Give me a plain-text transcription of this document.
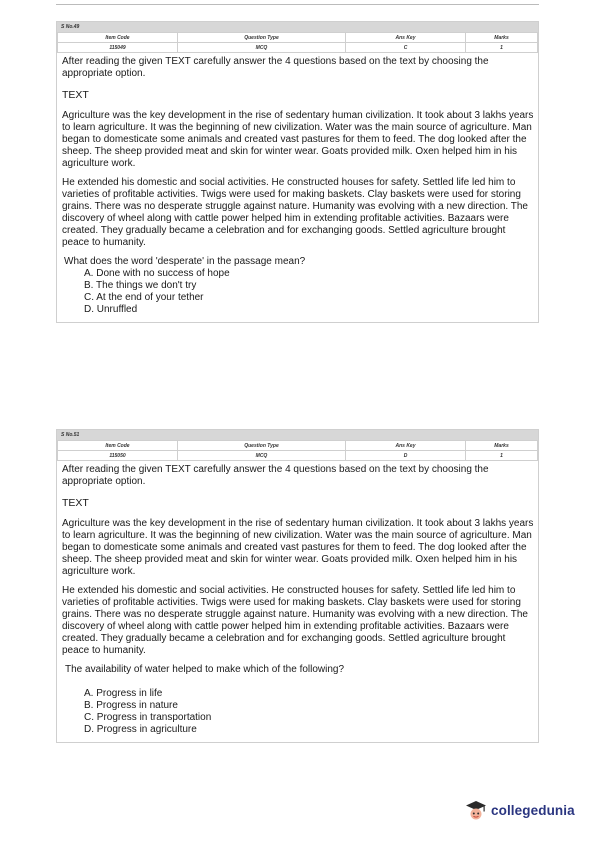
S No.49
Item Code	Question Type	Ans Key	Marks
115049	MCQ	C	1

After reading the given TEXT carefully answer the 4 questions based on the text by choosing the appropriate option.

TEXT

Agriculture was the key development in the rise of sedentary human civilization. It took about 3 lakhs years to learn agriculture. It was the beginning of new civilization. Water was the main source of agriculture. Man began to domesticate some animals and created vast pastures for them to feed. The dog looked after the sheep. The sheep provided meat and skin for winter wear. Goats provided milk. Oxen helped him in his agriculture work.

He extended his domestic and social activities. He constructed houses for safety. Settled life led him to varieties of profitable activities. Twigs were used for making baskets. Clay baskets were used for storing grains. There was no desperate struggle against nature. Humanity was evolving with a new direction. The discovery of wheel along with cattle power helped him in extending profitable activities. Bazaars were created. They gradually became a celebration and for exchanging goods. Settled agriculture brought peace to humanity.

What does the word 'desperate' in the passage mean?
A. Done with no success of hope
B. The things we don't try
C. At the end of your tether
D. Unruffled
S No.51
Item Code	Question Type	Ans Key	Marks
115050	MCQ	D	1

After reading the given TEXT carefully answer the 4 questions based on the text by choosing the appropriate option.

TEXT

Agriculture was the key development in the rise of sedentary human civilization. It took about 3 lakhs years to learn agriculture. It was the beginning of new civilization. Water was the main source of agriculture. Man began to domesticate some animals and created vast pastures for them to feed. The dog looked after the sheep. The sheep provided meat and skin for winter wear. Goats provided milk. Oxen helped him in his agriculture work.

He extended his domestic and social activities. He constructed houses for safety. Settled life led him to varieties of profitable activities. Twigs were used for making baskets. Clay baskets were used for storing grains. There was no desperate struggle against nature. Humanity was evolving with a new direction. The discovery of wheel along with cattle power helped him in extending profitable activities. Bazaars were created. They gradually became a celebration and for exchanging goods. Settled agriculture brought peace to humanity.

The availability of water helped to make which of the following?
A. Progress in life
B. Progress in nature
C. Progress in transportation
D. Progress in agriculture
collegedunia
